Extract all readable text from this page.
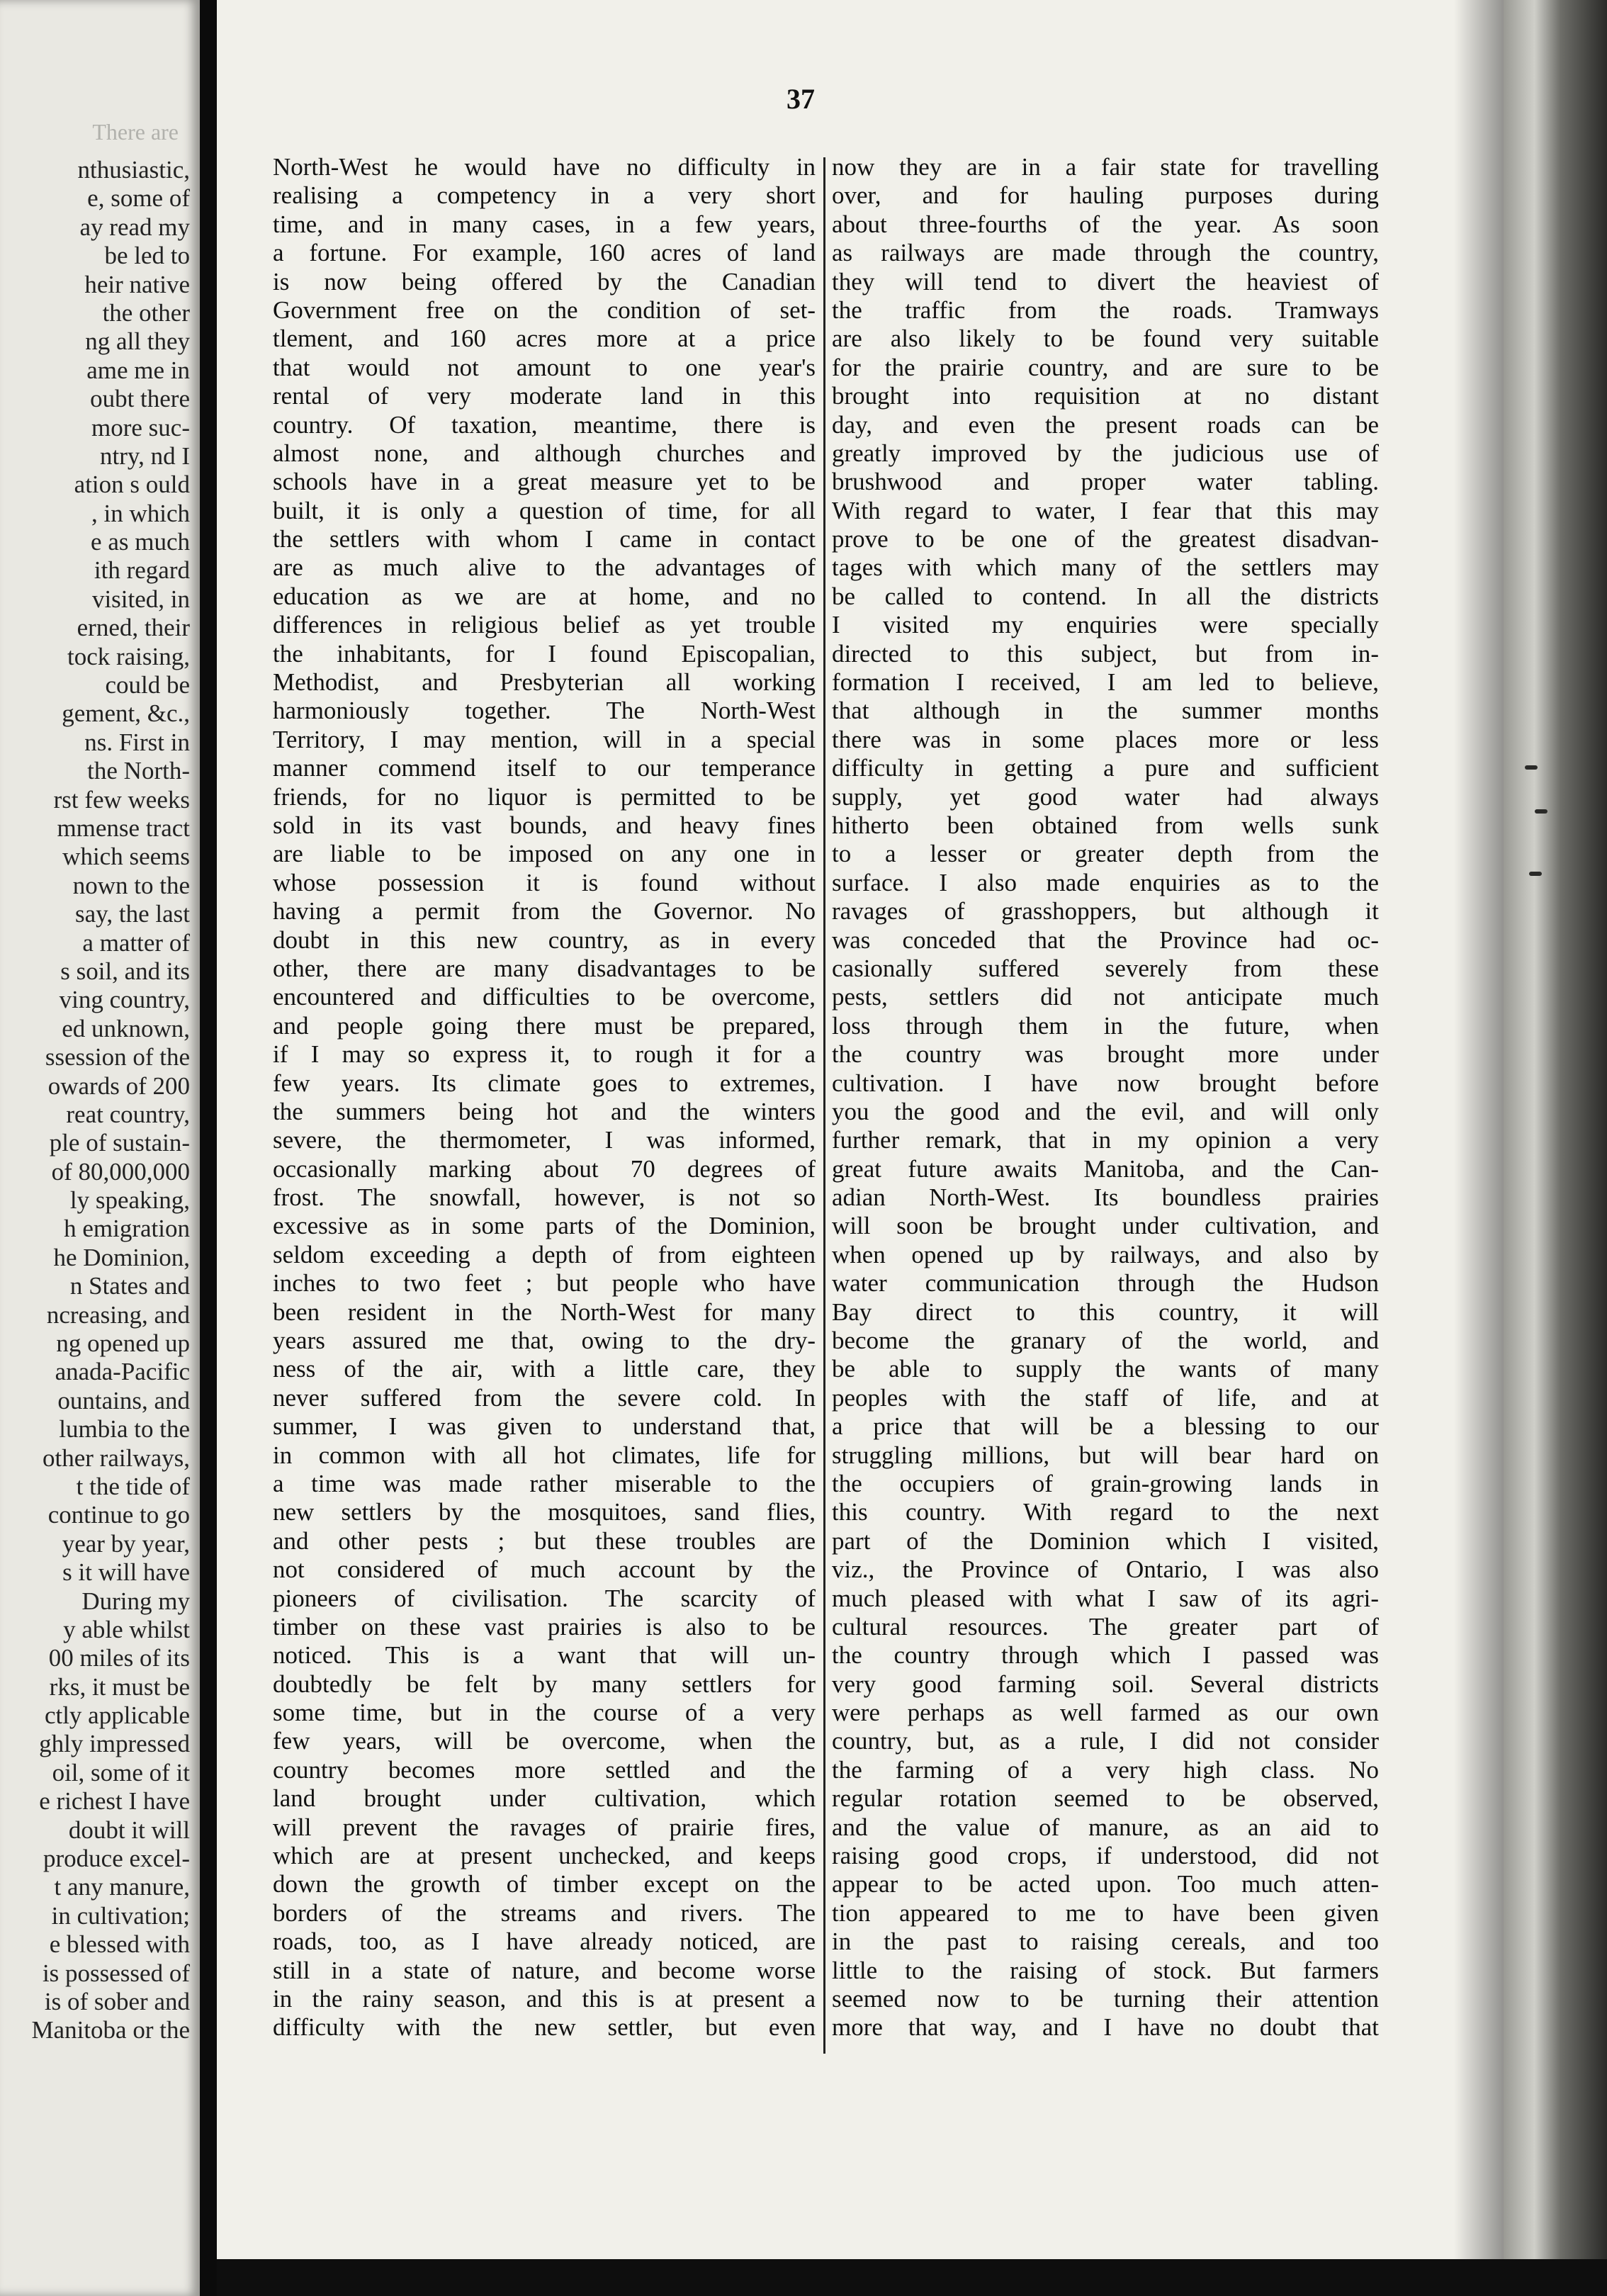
There are
nthusiastic,
e, some of
ay read my
be led to
heir native
the other
ng all they
ame me in
oubt there
more suc-
ntry, nd I
ation s ould
, in which
e as much
ith regard
visited, in
erned, their
tock raising,
could be
gement, &c.,
ns. First in
the North-
rst few weeks
mmense tract
which seems
nown to the
say, the last
a matter of
s soil, and its
ving country,
ed unknown,
ssession of the
owards of 200
reat country,
ple of sustain-
of 80,000,000
ly speaking,
h emigration
he Dominion,
n States and
ncreasing, and
ng opened up
anada-Pacific
ountains, and
lumbia to the
other railways,
t the tide of
continue to go
year by year,
s it will have
During my
y able whilst
00 miles of its
rks, it must be
ctly applicable
ghly impressed
oil, some of it
e richest I have
doubt it will
produce excel-
t any manure,
in cultivation;
e blessed with
is possessed of
is of sober and
Manitoba or the
37
North-West he would have no difficulty in
realising a competency in a very short
time, and in many cases, in a few years,
a fortune. For example, 160 acres of land
is now being offered by the Canadian
Government free on the condition of set-
tlement, and 160 acres more at a price
that would not amount to one year's
rental of very moderate land in this
country. Of taxation, meantime, there is
almost none, and although churches and
schools have in a great measure yet to be
built, it is only a question of time, for all
the settlers with whom I came in contact
are as much alive to the advantages of
education as we are at home, and no
differences in religious belief as yet trouble
the inhabitants, for I found Episcopalian,
Methodist, and Presbyterian all working
harmoniously together. The North-West
Territory, I may mention, will in a special
manner commend itself to our temperance
friends, for no liquor is permitted to be
sold in its vast bounds, and heavy fines
are liable to be imposed on any one in
whose possession it is found without
having a permit from the Governor. No
doubt in this new country, as in every
other, there are many disadvantages to be
encountered and difficulties to be overcome,
and people going there must be prepared,
if I may so express it, to rough it for a
few years. Its climate goes to extremes,
the summers being hot and the winters
severe, the thermometer, I was informed,
occasionally marking about 70 degrees of
frost. The snowfall, however, is not so
excessive as in some parts of the Dominion,
seldom exceeding a depth of from eighteen
inches to two feet ; but people who have
been resident in the North-West for many
years assured me that, owing to the dry-
ness of the air, with a little care, they
never suffered from the severe cold. In
summer, I was given to understand that,
in common with all hot climates, life for
a time was made rather miserable to the
new settlers by the mosquitoes, sand flies,
and other pests ; but these troubles are
not considered of much account by the
pioneers of civilisation. The scarcity of
timber on these vast prairies is also to be
noticed. This is a want that will un-
doubtedly be felt by many settlers for
some time, but in the course of a very
few years, will be overcome, when the
country becomes more settled and the
land brought under cultivation, which
will prevent the ravages of prairie fires,
which are at present unchecked, and keeps
down the growth of timber except on the
borders of the streams and rivers. The
roads, too, as I have already noticed, are
still in a state of nature, and become worse
in the rainy season, and this is at present a
difficulty with the new settler, but even
now they are in a fair state for travelling
over, and for hauling purposes during
about three-fourths of the year. As soon
as railways are made through the country,
they will tend to divert the heaviest of
the traffic from the roads. Tramways
are also likely to be found very suitable
for the prairie country, and are sure to be
brought into requisition at no distant
day, and even the present roads can be
greatly improved by the judicious use of
brushwood and proper water tabling.
With regard to water, I fear that this may
prove to be one of the greatest disadvan-
tages with which many of the settlers may
be called to contend. In all the districts
I visited my enquiries were specially
directed to this subject, but from in-
formation I received, I am led to believe,
that although in the summer months
there was in some places more or less
difficulty in getting a pure and sufficient
supply, yet good water had always
hitherto been obtained from wells sunk
to a lesser or greater depth from the
surface. I also made enquiries as to the
ravages of grasshoppers, but although it
was conceded that the Province had oc-
casionally suffered severely from these
pests, settlers did not anticipate much
loss through them in the future, when
the country was brought more under
cultivation. I have now brought before
you the good and the evil, and will only
further remark, that in my opinion a very
great future awaits Manitoba, and the Can-
adian North-West. Its boundless prairies
will soon be brought under cultivation, and
when opened up by railways, and also by
water communication through the Hudson
Bay direct to this country, it will
become the granary of the world, and
be able to supply the wants of many
peoples with the staff of life, and at
a price that will be a blessing to our
struggling millions, but will bear hard on
the occupiers of grain-growing lands in
this country. With regard to the next
part of the Dominion which I visited,
viz., the Province of Ontario, I was also
much pleased with what I saw of its agri-
cultural resources. The greater part of
the country through which I passed was
very good farming soil. Several districts
were perhaps as well farmed as our own
country, but, as a rule, I did not consider
the farming of a very high class. No
regular rotation seemed to be observed,
and the value of manure, as an aid to
raising good crops, if understood, did not
appear to be acted upon. Too much atten-
tion appeared to me to have been given
in the past to raising cereals, and too
little to the raising of stock. But farmers
seemed now to be turning their attention
more that way, and I have no doubt that
